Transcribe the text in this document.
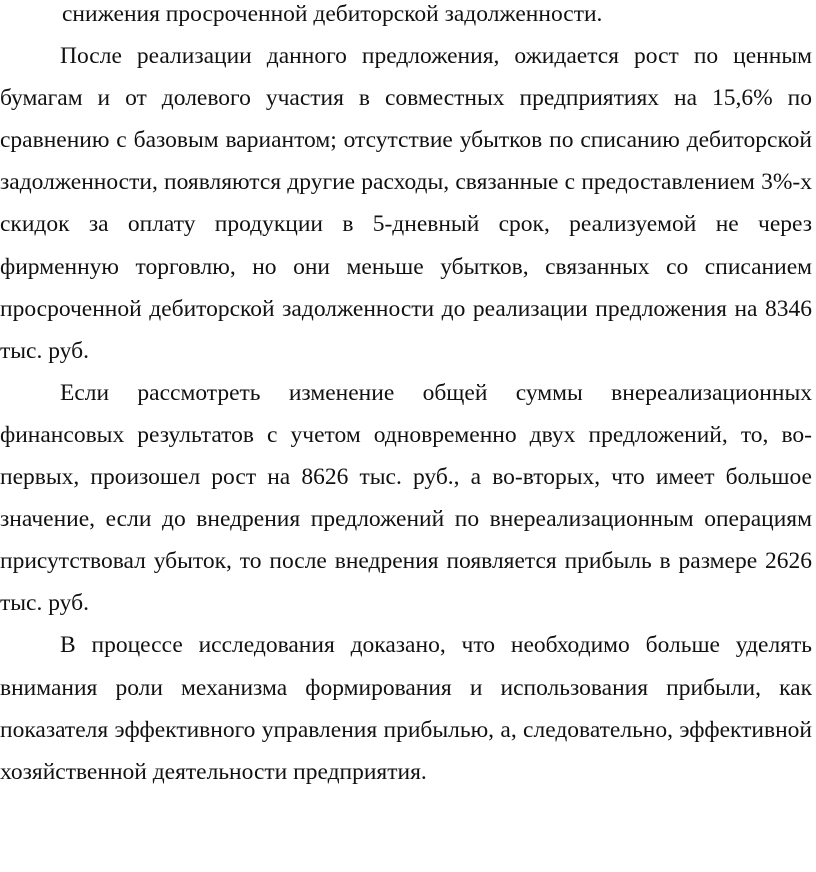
снижения просроченной дебиторской задолженности.

После реализации данного предложения, ожидается рост по ценным бумагам и от долевого участия в совместных предприятиях на 15,6% по сравнению с базовым вариантом; отсутствие убытков по списанию дебиторской задолженности, появляются другие расходы, связанные с предоставлением 3%-х скидок за оплату продукции в 5-дневный срок, реализуемой не через фирменную торговлю, но они меньше убытков, связанных со списанием просроченной дебиторской задолженности до реализации предложения на 8346 тыс. руб.

Если рассмотреть изменение общей суммы внереализационных финансовых результатов с учетом одновременно двух предложений, то, во-первых, произошел рост на 8626 тыс. руб., а во-вторых, что имеет большое значение, если до внедрения предложений по внереализационным операциям присутствовал убыток, то после внедрения появляется прибыль в размере 2626 тыс. руб.

В процессе исследования доказано, что необходимо больше уделять внимания роли механизма формирования и использования прибыли, как показателя эффективного управления прибылью, а, следовательно, эффективной хозяйственной деятельности предприятия.
